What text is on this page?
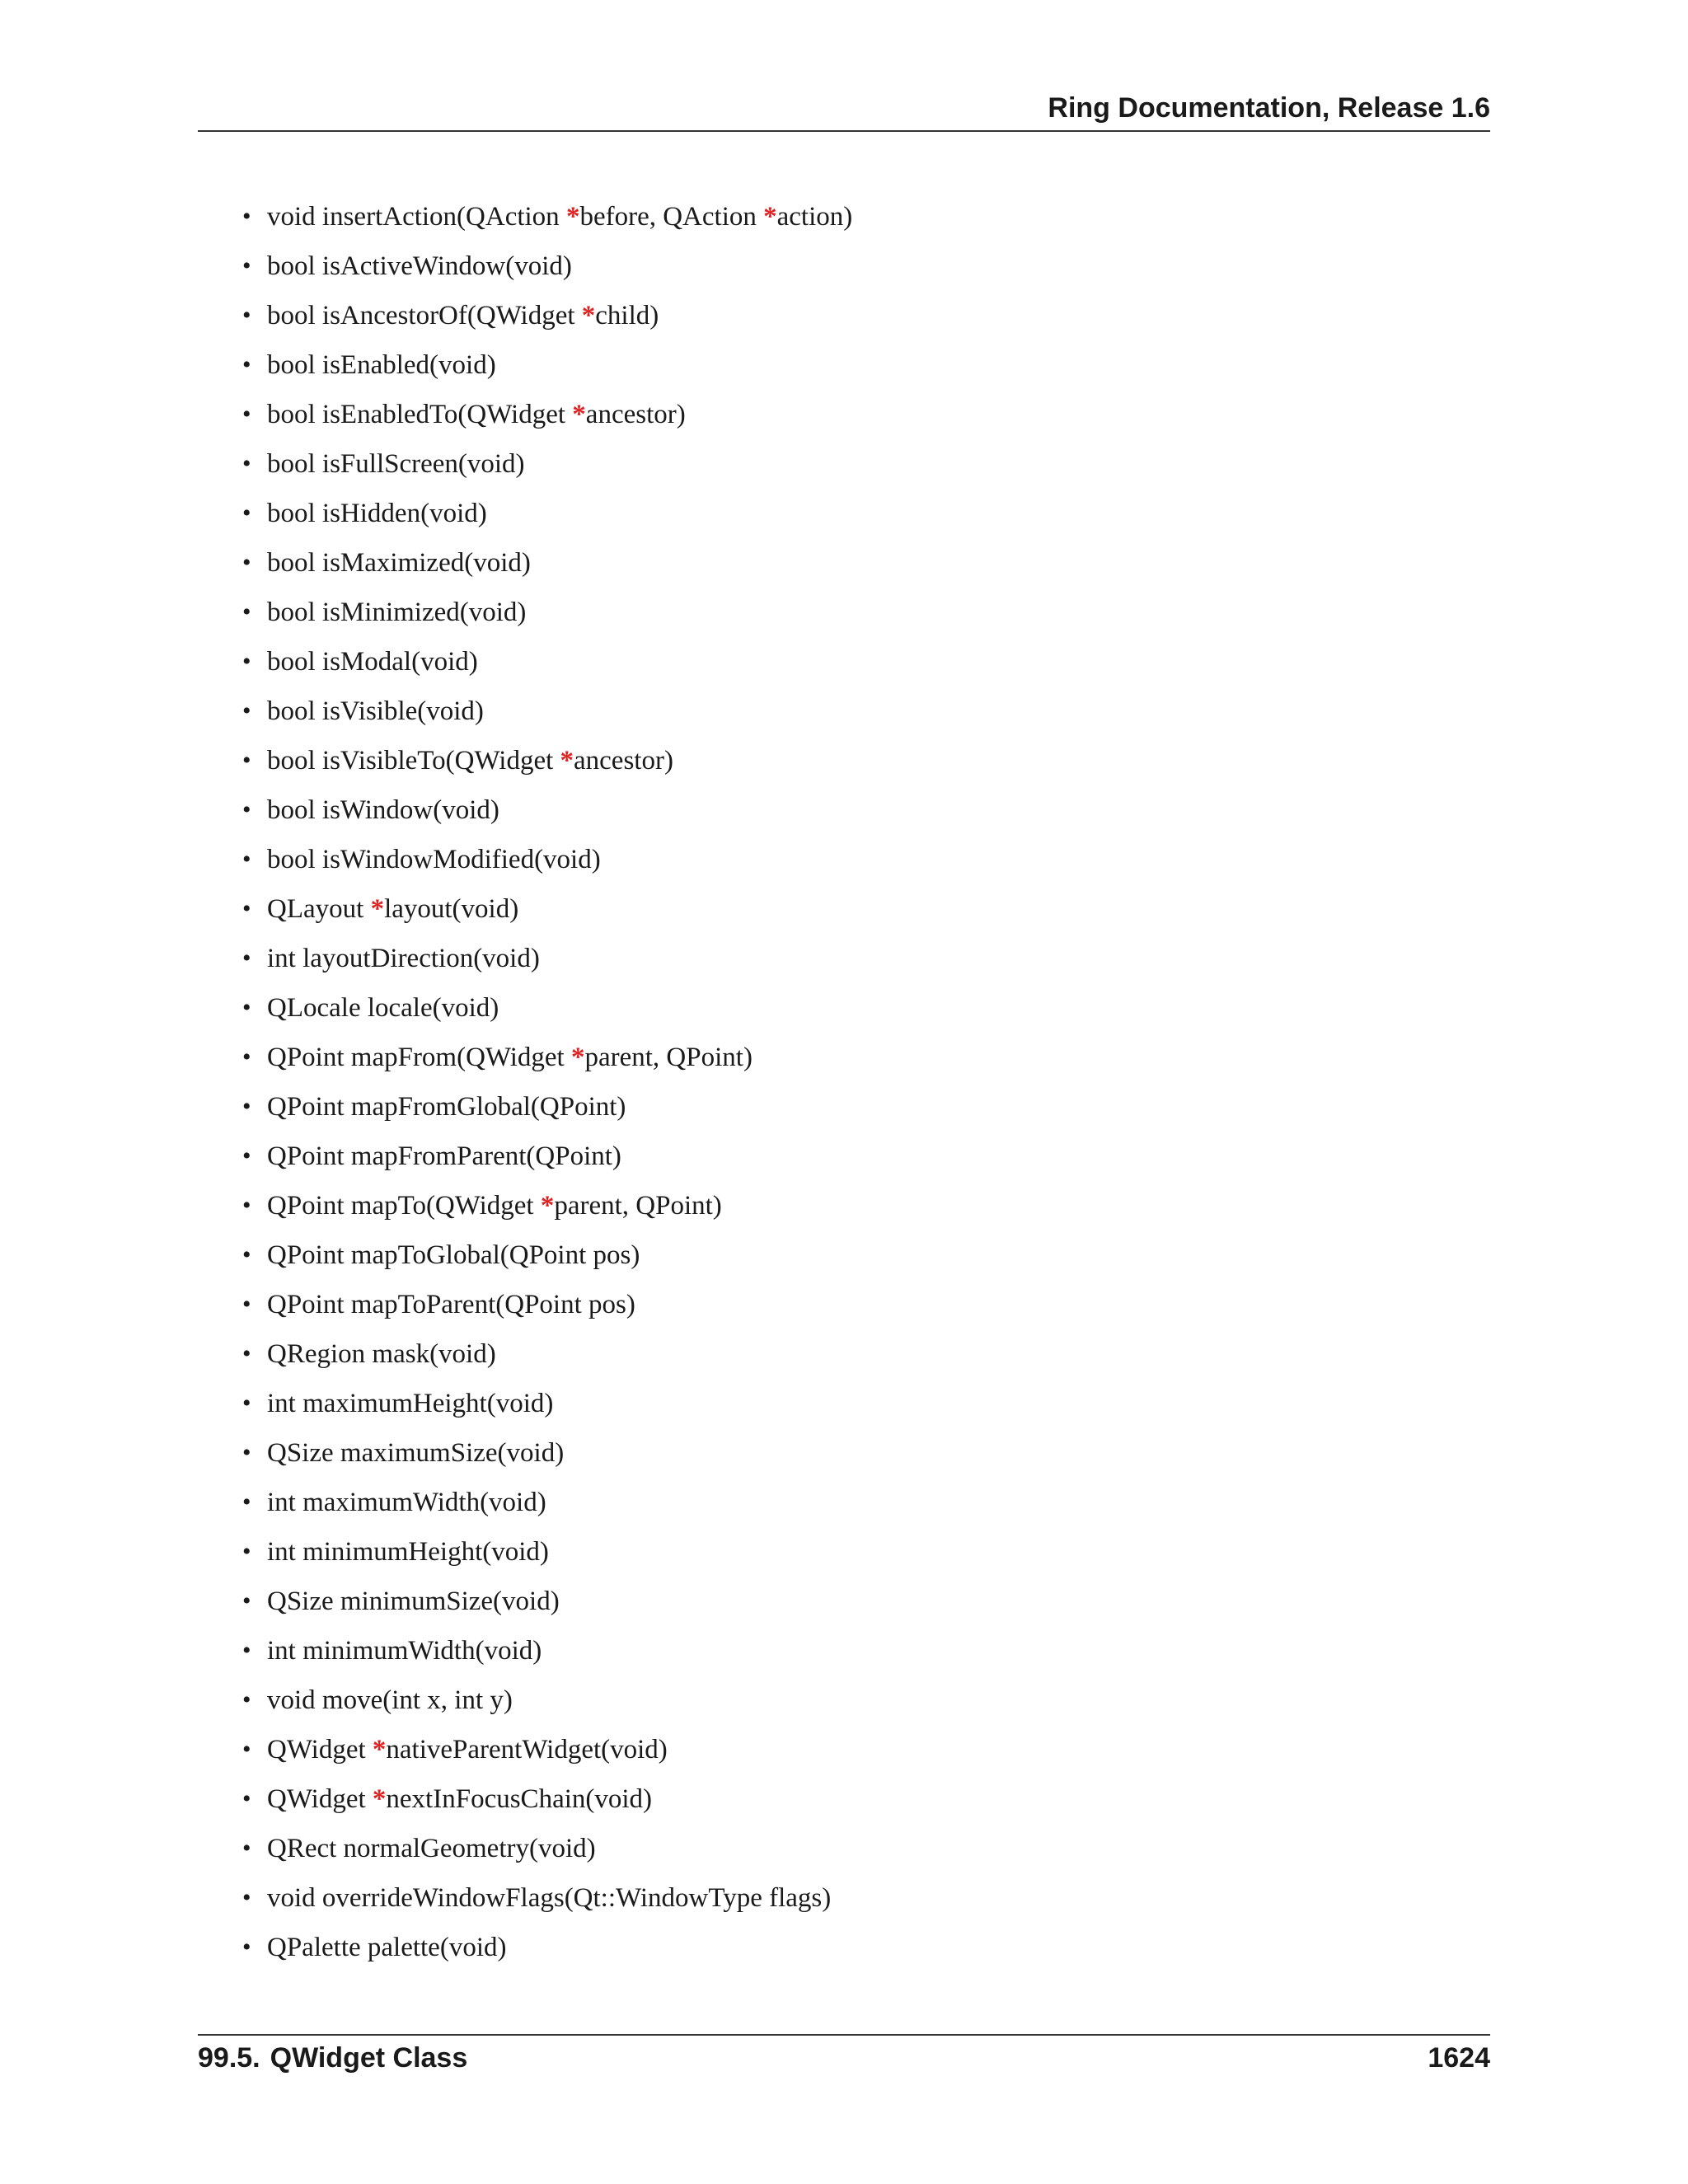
Ring Documentation, Release 1.6
• void insertAction(QAction *before, QAction *action)
• bool isActiveWindow(void)
• bool isAncestorOf(QWidget *child)
• bool isEnabled(void)
• bool isEnabledTo(QWidget *ancestor)
• bool isFullScreen(void)
• bool isHidden(void)
• bool isMaximized(void)
• bool isMinimized(void)
• bool isModal(void)
• bool isVisible(void)
• bool isVisibleTo(QWidget *ancestor)
• bool isWindow(void)
• bool isWindowModified(void)
• QLayout *layout(void)
• int layoutDirection(void)
• QLocale locale(void)
• QPoint mapFrom(QWidget *parent, QPoint)
• QPoint mapFromGlobal(QPoint)
• QPoint mapFromParent(QPoint)
• QPoint mapTo(QWidget *parent, QPoint)
• QPoint mapToGlobal(QPoint pos)
• QPoint mapToParent(QPoint pos)
• QRegion mask(void)
• int maximumHeight(void)
• QSize maximumSize(void)
• int maximumWidth(void)
• int minimumHeight(void)
• QSize minimumSize(void)
• int minimumWidth(void)
• void move(int x, int y)
• QWidget *nativeParentWidget(void)
• QWidget *nextInFocusChain(void)
• QRect normalGeometry(void)
• void overrideWindowFlags(Qt::WindowType flags)
• QPalette palette(void)
99.5. QWidget Class	1624
